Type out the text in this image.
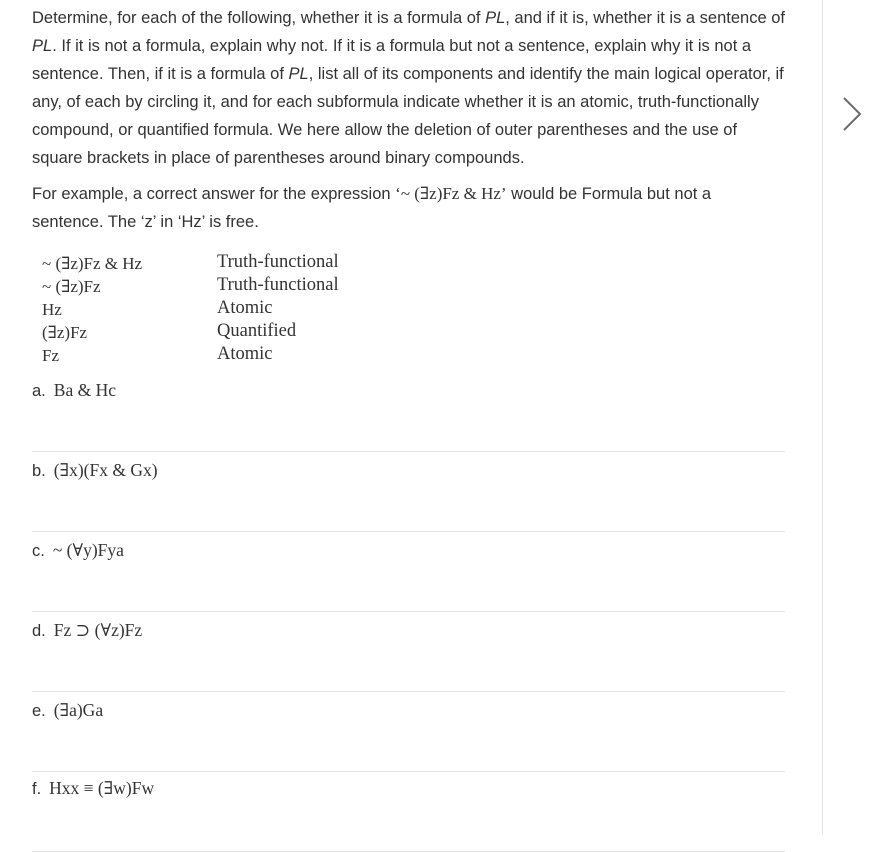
Determine, for each of the following, whether it is a formula of PL, and if it is, whether it is a sentence of PL. If it is not a formula, explain why not. If it is a formula but not a sentence, explain why it is not a sentence. Then, if it is a formula of PL, list all of its components and identify the main logical operator, if any, of each by circling it, and for each subformula indicate whether it is an atomic, truth-functionally compound, or quantified formula. We here allow the deletion of outer parentheses and the use of square brackets in place of parentheses around binary compounds.

For example, a correct answer for the expression ‘~ (∃z)Fz & Hz’ would be Formula but not a sentence. The ‘z’ in ‘Hz’ is free.

~ (∃z)Fz & Hz	Truth-functional
~ (∃z)Fz	Truth-functional
Hz	Atomic
(∃z)Fz	Quantified
Fz	Atomic
a. Ba & Hc
b. (∃x)(Fx & Gx)
c. ~ (∀y)Fya
d. Fz ⊃ (∀z)Fz
e. (∃a)Ga
f. Hxx ≡ (∃w)Fw
